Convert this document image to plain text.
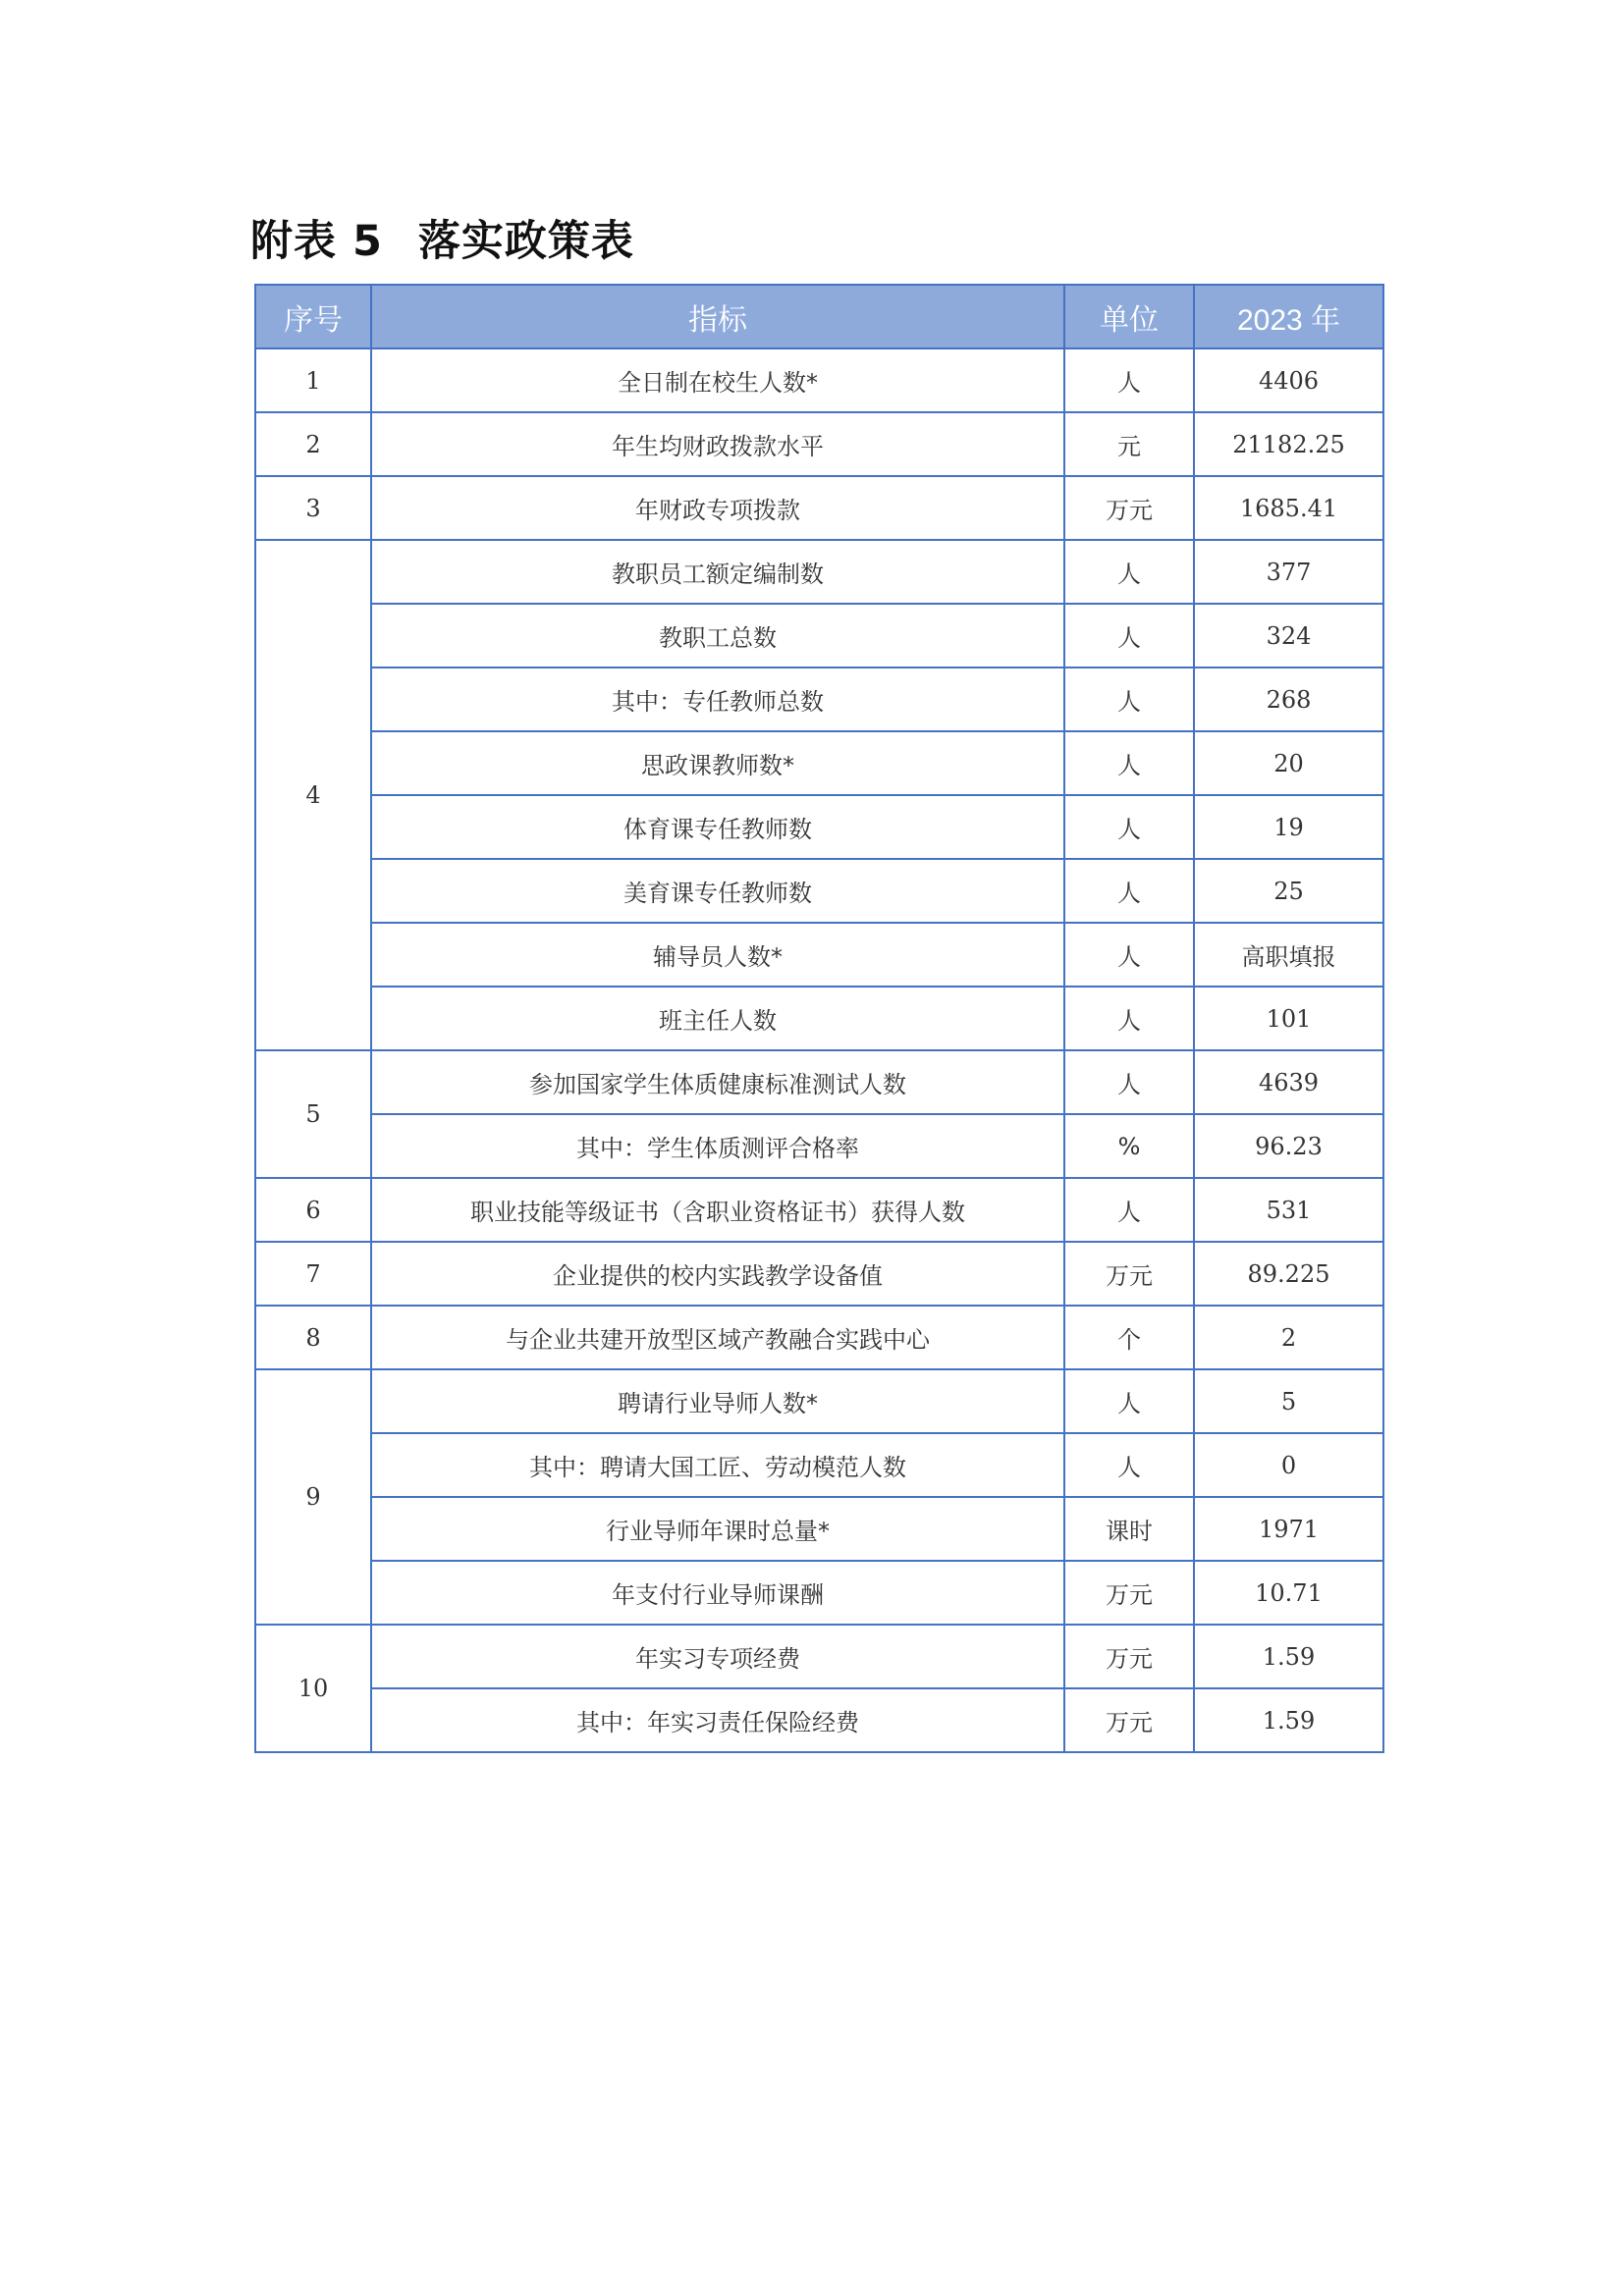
附表 5 落实政策表
序号	指标	单位	2023 年
1	全日制在校生人数*	人	4406
2	年生均财政拨款水平	元	21182.25
3	年财政专项拨款	万元	1685.41
4	教职员工额定编制数	人	377
	教职工总数	人	324
	其中：专任教师总数	人	268
	思政课教师数*	人	20
	体育课专任教师数	人	19
	美育课专任教师数	人	25
	辅导员人数*	人	高职填报
	班主任人数	人	101
5	参加国家学生体质健康标准测试人数	人	4639
	其中：学生体质测评合格率	%	96.23
6	职业技能等级证书（含职业资格证书）获得人数	人	531
7	企业提供的校内实践教学设备值	万元	89.225
8	与企业共建开放型区域产教融合实践中心	个	2
9	聘请行业导师人数*	人	5
	其中：聘请大国工匠、劳动模范人数	人	0
	行业导师年课时总量*	课时	1971
	年支付行业导师课酬	万元	10.71
10	年实习专项经费	万元	1.59
	其中：年实习责任保险经费	万元	1.59
